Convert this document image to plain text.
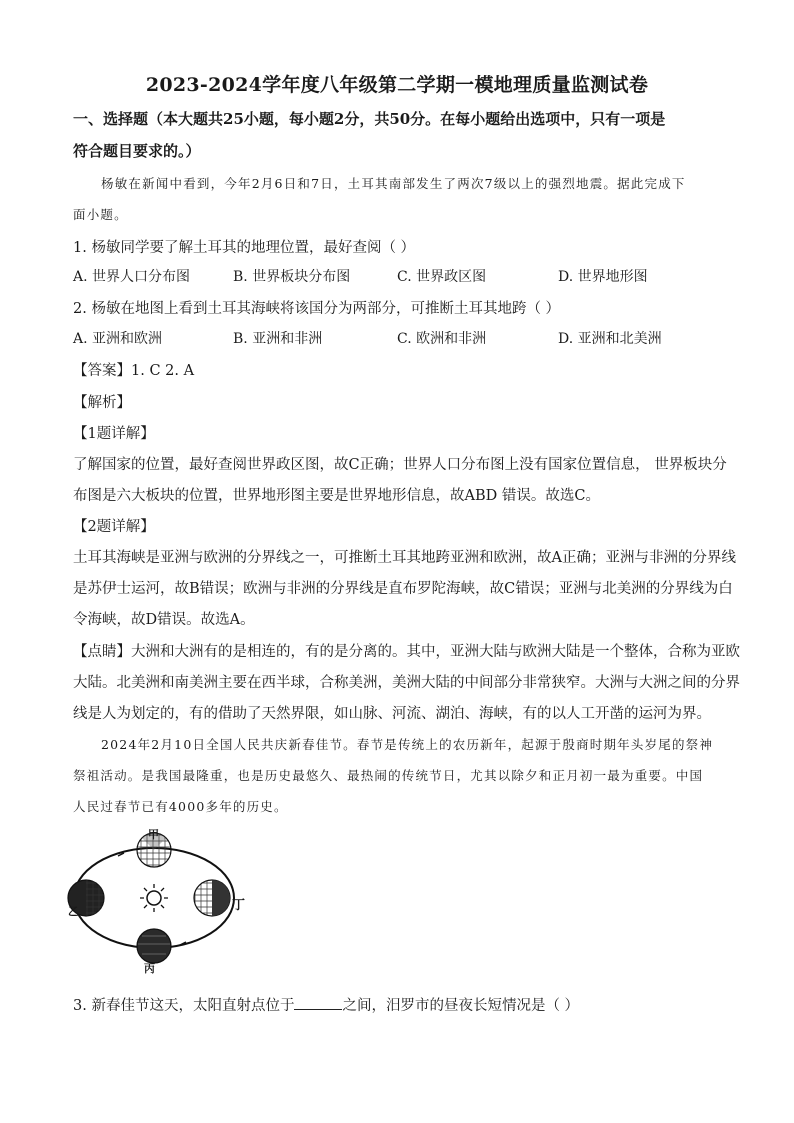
2023-2024学年度八年级第二学期一模地理质量监测试卷
一、选择题（本大题共25小题，每小题2分，共50分。在每小题给出选项中，只有一项是
符合题目要求的。）
杨敏在新闻中看到，今年2月6日和7日，土耳其南部发生了两次7级以上的强烈地震。据此完成下
面小题。
1. 杨敏同学要了解土耳其的地理位置，最好查阅（ ）
A. 世界人口分布图	B. 世界板块分布图	C. 世界政区图	D. 世界地形图
2. 杨敏在地图上看到土耳其海峡将该国分为两部分，可推断土耳其地跨（ ）
A. 亚洲和欧洲	B. 亚洲和非洲	C. 欧洲和非洲	D. 亚洲和北美洲
【答案】1. C 2. A
【解析】
【1题详解】
了解国家的位置，最好查阅世界政区图，故C正确；世界人口分布图上没有国家位置信息， 世界板块分
布图是六大板块的位置，世界地形图主要是世界地形信息，故ABD 错误。故选C。
【2题详解】
土耳其海峡是亚洲与欧洲的分界线之一，可推断土耳其地跨亚洲和欧洲，故A正确；亚洲与非洲的分界线
是苏伊士运河，故B错误；欧洲与非洲的分界线是直布罗陀海峡，故C错误；亚洲与北美洲的分界线为白
令海峡，故D错误。故选A。
【点睛】大洲和大洲有的是相连的，有的是分离的。其中，亚洲大陆与欧洲大陆是一个整体，合称为亚欧
大陆。北美洲和南美洲主要在西半球，合称美洲，美洲大陆的中间部分非常狭窄。大洲与大洲之间的分界
线是人为划定的，有的借助了天然界限，如山脉、河流、湖泊、海峡，有的以人工开凿的运河为界。
2024年2月10日全国人民共庆新春佳节。春节是传统上的农历新年，起源于殷商时期年头岁尾的祭神
祭祖活动。是我国最隆重，也是历史最悠久、最热闹的传统节日，尤其以除夕和正月初一最为重要。中国
人民过春节已有4000多年的历史。
甲
乙
丙
丁
3. 新春佳节这天，太阳直射点位于	之间，汨罗市的昼夜长短情况是（ ）
